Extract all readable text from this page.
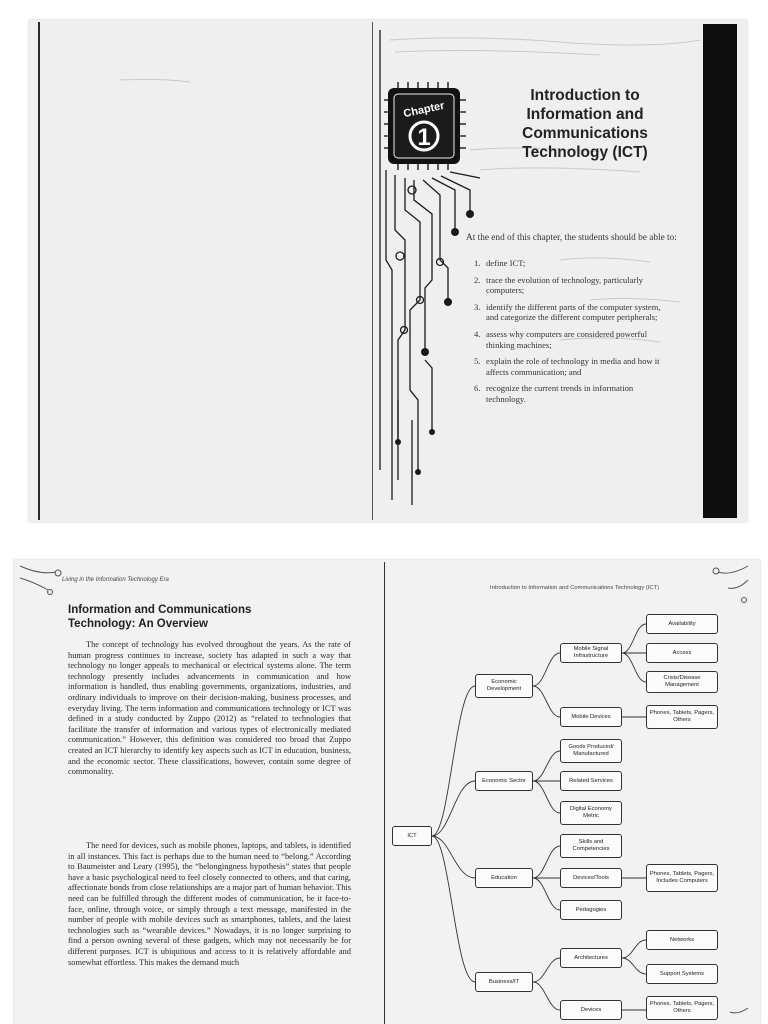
Chapter
1
Introduction to
Information and
Communications
Technology (ICT)
At the end of this chapter, the students should be able to:
1. define ICT;
2. trace the evolution of technology, particularly computers;
3. identify the different parts of the computer system, and categorize the different computer peripherals;
4. assess why computers are considered powerful thinking machines;
5. explain the role of technology in media and how it affects communication; and
6. recognize the current trends in information technology.
Living in the Information Technology Era
Information and Communications Technology: An Overview

The concept of technology has evolved throughout the years. As the rate of human progress continues to increase, society has adapted in such a way that technology no longer appeals to mechanical or electrical systems alone. The term technology presently includes advancements in communication and how information is handled, thus enabling governments, organizations, industries, and ordinary individuals to improve on their decision-making, business processes, and everyday living. The term information and communications technology or ICT was defined in a study conducted by Zuppo (2012) as “related to technologies that facilitate the transfer of information and various types of electronically mediated communication.” However, this definition was considered too broad that Zuppo created an ICT hierarchy to identify key aspects such as ICT in education, business, and the economic sector. These classifications, however, contain some degree of commonality.

The need for devices, such as mobile phones, laptops, and tablets, is identified in all instances. This fact is perhaps due to the human need to “belong.” According to Baumeister and Leary (1995), the “belongingness hypothesis” states that people have a basic psychological need to feel closely connected to others, and that caring, affectionate bonds from close relationships are a major part of human behavior. This need can be fulfilled through the different modes of communication, be it face-to-face, online, through voice, or simply through a text message, manifested in the number of people with mobile devices such as smartphones, tablets, and the latest technologies such as “wearable devices.” Nowadays, it is no longer surprising to find a person owning several of these gadgets, which may not necessarily be for different purposes. ICT is ubiquitous and access to it is relatively affordable and somewhat effortless. This makes the demand much

Introduction to Information and Communications Technology (ICT)
ICT
Economic Development
Mobile Signal Infrastructure
Availability
Access
Crisis/Disease Management
Mobile Devices
Phones, Tablets, Pagers, Others
Economic Sector
Goods Produced/ Manufactured
Related Services
Digital Economy Metric
Education
Skills and Competencies
Devices/Tools
Phones, Tablets, Pagers, Includes Computers
Pedagogies
Business/IT
Architectures
Networks
Support Systems
Devices
Phones, Tablets, Pagers, Others
